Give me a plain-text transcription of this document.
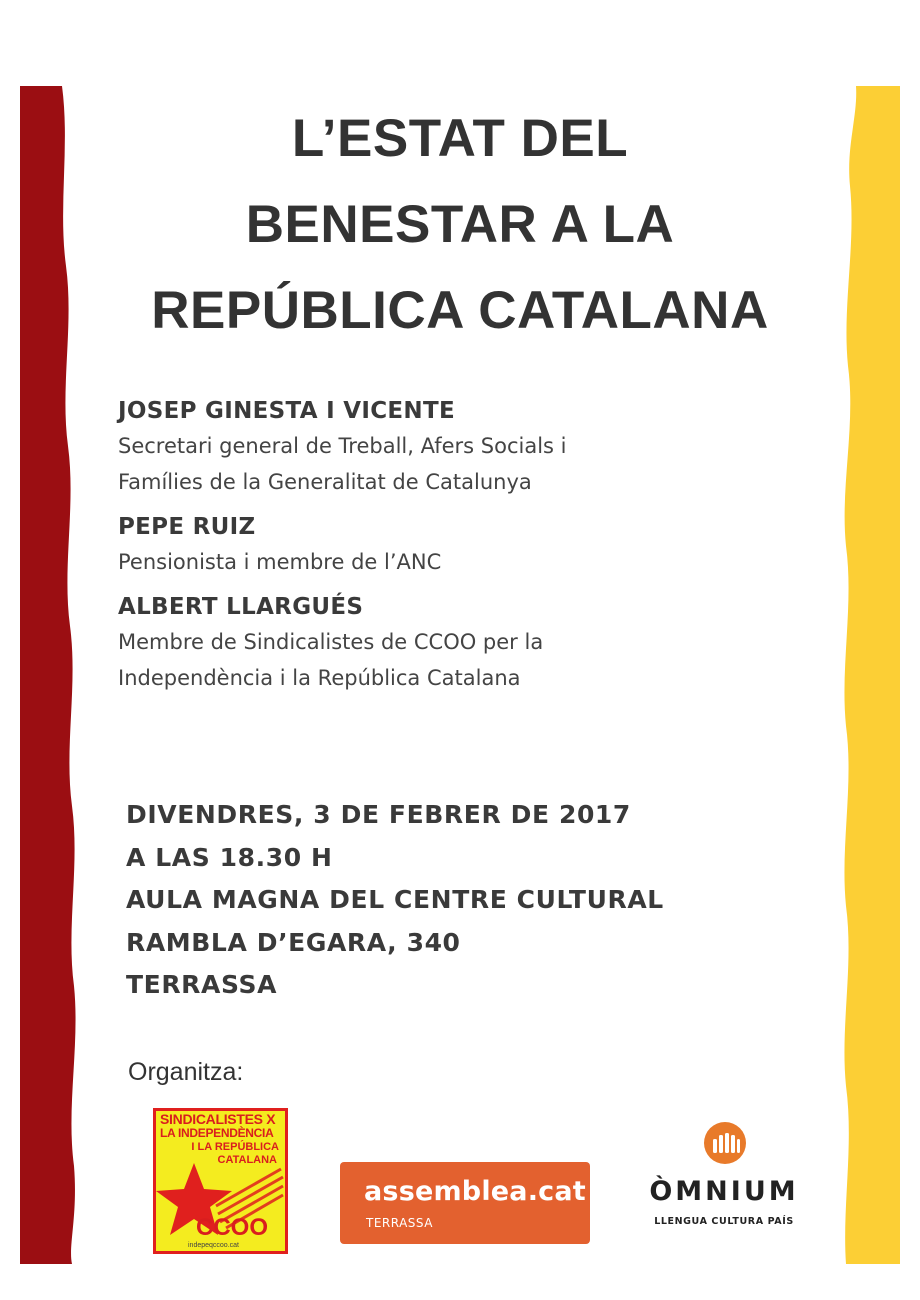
L’ESTAT DEL
BENESTAR A LA
REPÚBLICA CATALANA

JOSEP GINESTA I VICENTE

Secretari general de Treball, Afers Socials i
Famílies de la Generalitat de Catalunya

PEPE RUIZ

Pensionista i membre de l’ANC

ALBERT LLARGUÉS

Membre de Sindicalistes de CCOO per la
Independència i la República Catalana

DIVENDRES, 3 DE FEBRER DE 2017
A LAS 18.30 H
AULA MAGNA DEL CENTRE CULTURAL
RAMBLA D’EGARA, 340
TERRASSA
Organitza:
SINDICALISTES X
LA INDEPENDÈNCIA
I LA REPÚBLICA
CATALANA
CCOO
indepeqccoo.cat
assemblea.cat
TERRASSA
ÒMNIUM
LLENGUA CULTURA PAÍS
